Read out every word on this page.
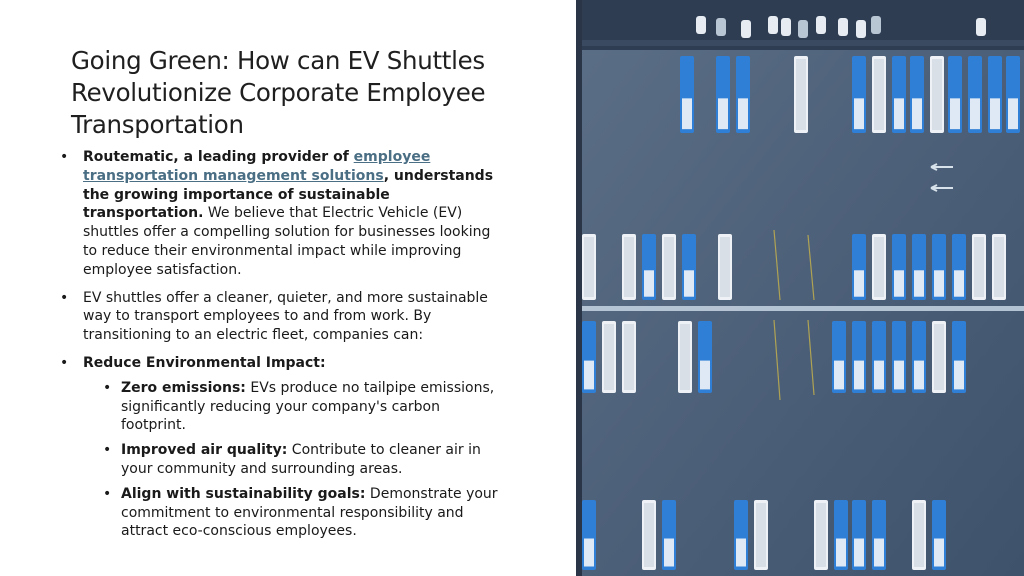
Going Green: How can EV Shuttles Revolutionize Corporate Employee Transportation
• Routematic, a leading provider of employee transportation management solutions, understands the growing importance of sustainable transportation. We believe that Electric Vehicle (EV) shuttles offer a compelling solution for businesses looking to reduce their environmental impact while improving employee satisfaction.
• EV shuttles offer a cleaner, quieter, and more sustainable way to transport employees to and from work. By transitioning to an electric fleet, companies can:
• Reduce Environmental Impact:
• Zero emissions: EVs produce no tailpipe emissions, significantly reducing your company's carbon footprint.
• Improved air quality: Contribute to cleaner air in your community and surrounding areas.
• Align with sustainability goals: Demonstrate your commitment to environmental responsibility and attract eco-conscious employees.
